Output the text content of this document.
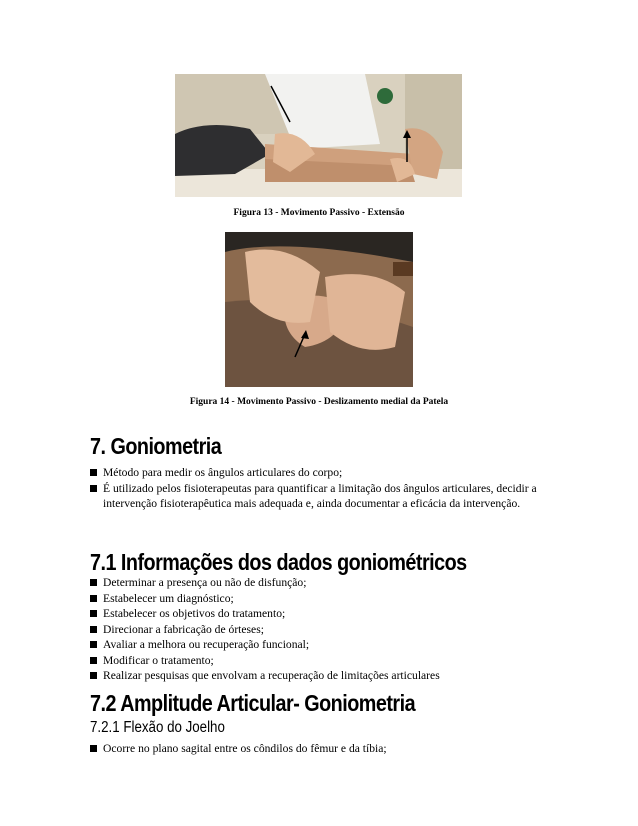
Figura 13 - Movimento Passivo - Extensão
Figura 14 - Movimento Passivo - Deslizamento medial da Patela
7. Goniometria
Método para medir os ângulos articulares do corpo;
É utilizado pelos fisioterapeutas para quantificar a limitação dos ângulos articulares, decidir a intervenção fisioterapêutica mais adequada e, ainda documentar a eficácia da intervenção.
7.1 Informações dos dados goniométricos
Determinar a presença ou não de disfunção;
Estabelecer um diagnóstico;
Estabelecer os objetivos do tratamento;
Direcionar a fabricação de órteses;
Avaliar a melhora ou recuperação funcional;
Modificar o tratamento;
Realizar pesquisas que envolvam a recuperação de limitações articulares
7.2 Amplitude Articular- Goniometria
7.2.1 Flexão do Joelho
Ocorre no plano sagital entre os côndilos do fêmur e da tíbia;
